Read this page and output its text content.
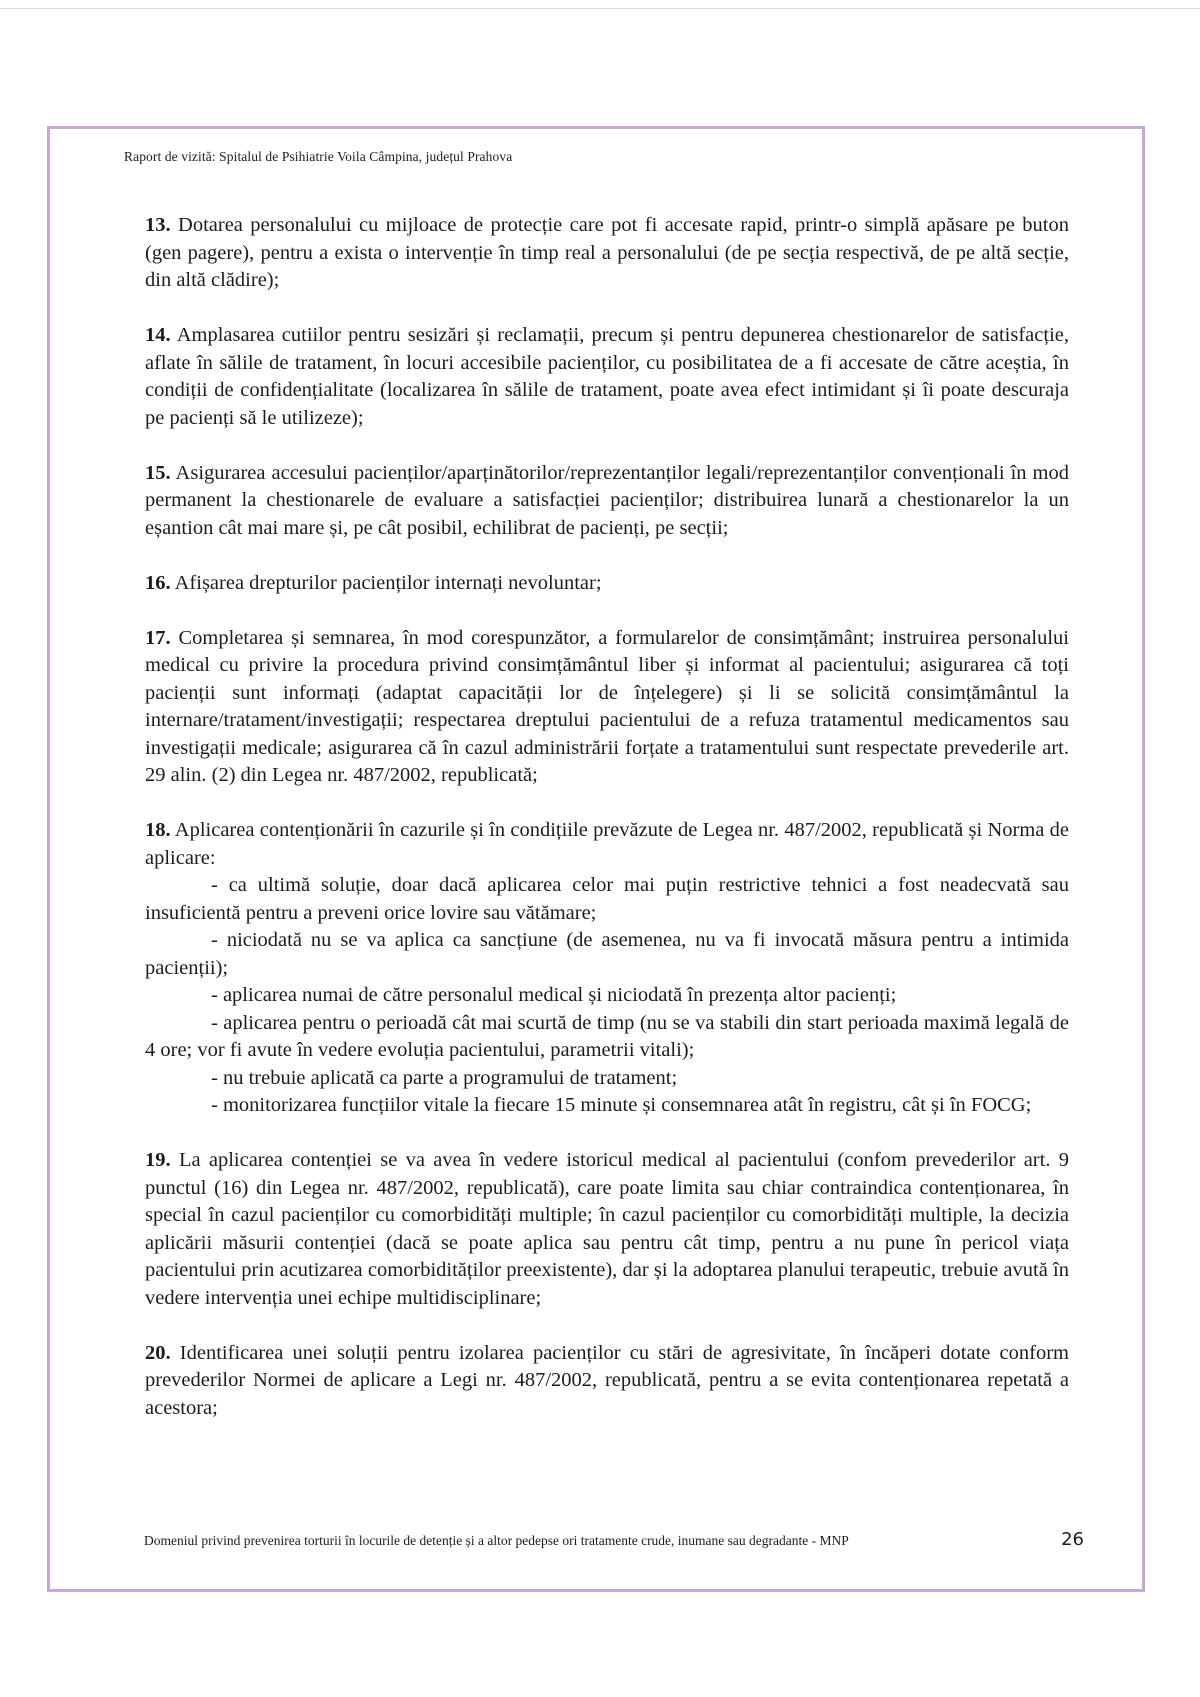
Raport de vizită: Spitalul de Psihiatrie Voila Câmpina, județul Prahova

13. Dotarea personalului cu mijloace de protecție care pot fi accesate rapid, printr-o simplă apăsare pe buton (gen pagere), pentru a exista o intervenție în timp real a personalului (de pe secția respectivă, de pe altă secție, din altă clădire);

14. Amplasarea cutiilor pentru sesizări și reclamații, precum și pentru depunerea chestionarelor de satisfacție, aflate în sălile de tratament, în locuri accesibile pacienților, cu posibilitatea de a fi accesate de către aceștia, în condiții de confidențialitate (localizarea în sălile de tratament, poate avea efect intimidant și îi poate descuraja pe pacienți să le utilizeze);

15. Asigurarea accesului pacienților/aparținătorilor/reprezentanților legali/reprezentanților convenționali în mod permanent la chestionarele de evaluare a satisfacției pacienților; distribuirea lunară a chestionarelor la un eșantion cât mai mare și, pe cât posibil, echilibrat de pacienți, pe secții;

16. Afișarea drepturilor pacienților internați nevoluntar;

17. Completarea și semnarea, în mod corespunzător, a formularelor de consimțământ; instruirea personalului medical cu privire la procedura privind consimțământul liber și informat al pacientului; asigurarea că toți pacienții sunt informați (adaptat capacității lor de înțelegere) și li se solicită consimțământul la internare/tratament/investigații; respectarea dreptului pacientului de a refuza tratamentul medicamentos sau investigații medicale; asigurarea că în cazul administrării forțate a tratamentului sunt respectate prevederile art. 29 alin. (2) din Legea nr. 487/2002, republicată;

18. Aplicarea contenționării în cazurile și în condițiile prevăzute de Legea nr. 487/2002, republicată și Norma de aplicare:

- ca ultimă soluție, doar dacă aplicarea celor mai puțin restrictive tehnici a fost neadecvată sau insuficientă pentru a preveni orice lovire sau vătămare;

- niciodată nu se va aplica ca sancțiune (de asemenea, nu va fi invocată măsura pentru a intimida pacienții);

- aplicarea numai de către personalul medical și niciodată în prezența altor pacienți;

- aplicarea pentru o perioadă cât mai scurtă de timp (nu se va stabili din start perioada maximă legală de 4 ore; vor fi avute în vedere evoluția pacientului, parametrii vitali);

- nu trebuie aplicată ca parte a programului de tratament;

- monitorizarea funcțiilor vitale la fiecare 15 minute și consemnarea atât în registru, cât și în FOCG;

19. La aplicarea contenției se va avea în vedere istoricul medical al pacientului (confom prevederilor art. 9 punctul (16) din Legea nr. 487/2002, republicată), care poate limita sau chiar contraindica contenționarea, în special în cazul pacienților cu comorbidități multiple; în cazul pacienților cu comorbidități multiple, la decizia aplicării măsurii contenției (dacă se poate aplica sau pentru cât timp, pentru a nu pune în pericol viața pacientului prin acutizarea comorbidităților preexistente), dar și la adoptarea planului terapeutic, trebuie avută în vedere intervenția unei echipe multidisciplinare;

20. Identificarea unei soluții pentru izolarea pacienților cu stări de agresivitate, în încăperi dotate conform prevederilor Normei de aplicare a Legi nr. 487/2002, republicată, pentru a se evita contenționarea repetată a acestora;

Domeniul privind prevenirea torturii în locurile de detenție și a altor pedepse ori tratamente crude, inumane sau degradante - MNP	26
